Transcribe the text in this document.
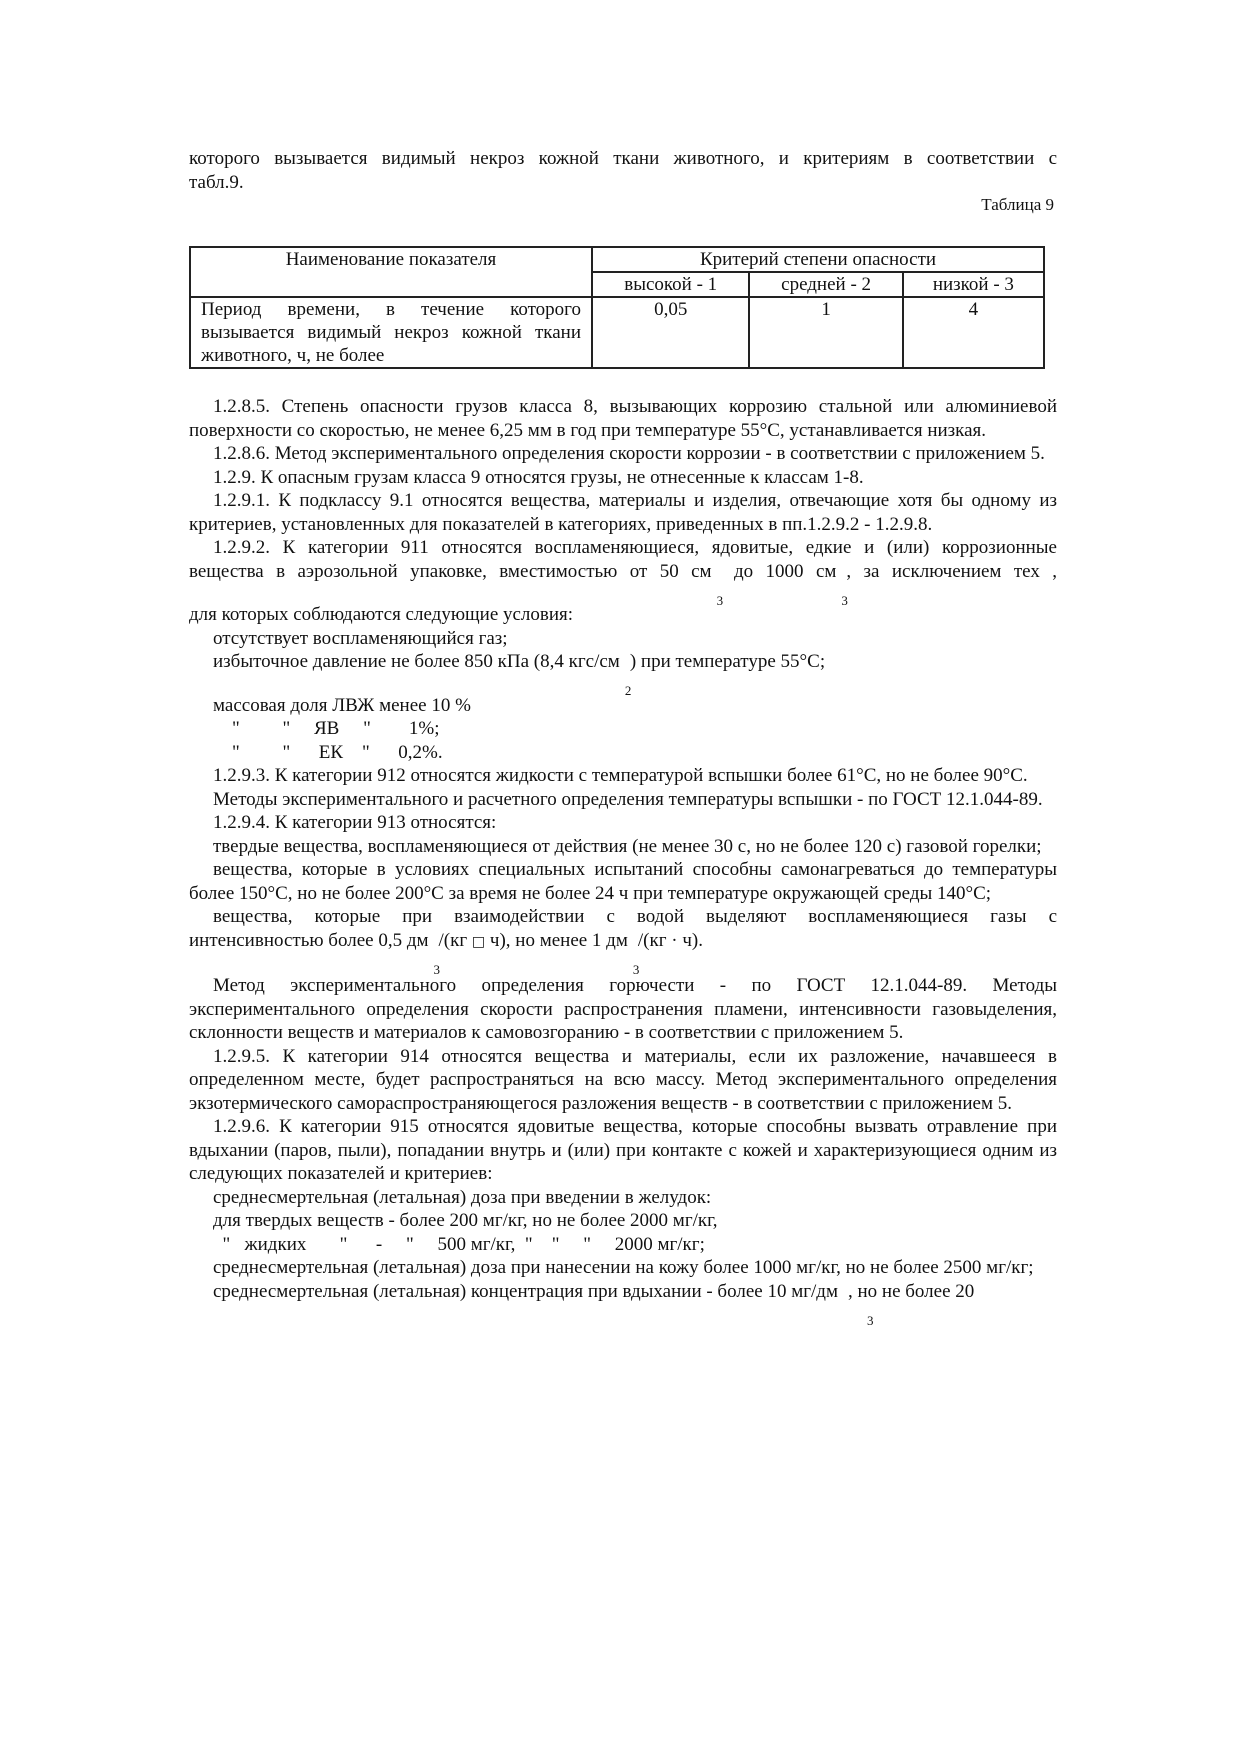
которого вызывается видимый некроз кожной ткани животного, и критериям в соответствии с

табл.9.

Таблица 9

Наименование показателя	Критерий степени опасности		
	высокой - 1	средней - 2	низкой - 3
Период времени, в течение которого вызывается видимый некроз кожной ткани животного, ч, не более	0,05	1	4

1.2.8.5. Степень опасности грузов класса 8, вызывающих коррозию стальной или алюминиевой поверхности со скоростью, не менее 6,25 мм в год при температуре 55°С, устанавливается низкая.

1.2.8.6. Метод экспериментального определения скорости коррозии - в соответствии с приложением 5.

1.2.9. К опасным грузам класса 9 относятся грузы, не отнесенные к классам 1-8.

1.2.9.1. К подклассу 9.1 относятся вещества, материалы и изделия, отвечающие хотя бы одному из критериев, установленных для показателей в категориях, приведенных в пп.1.2.9.2 - 1.2.9.8.

1.2.9.2. К категории 911 относятся воспламеняющиеся, ядовитые, едкие и (или) коррозионные

вещества в аэрозольной упаковке, вместимостью от 50 см
3
до 1000 см
3
, за исключением тех ,

для которых соблюдаются следующие условия:

отсутствует воспламеняющийся газ;

избыточное давление не более 850 кПа (8,4 кгс/см
2
) при температуре 55°С;

массовая доля ЛВЖ менее 10 %

"         "     ЯВ     "        1%;

"         "      ЕК    "      0,2%.

1.2.9.3. К категории 912 относятся жидкости с температурой вспышки более 61°С, но не более 90°С.

Методы экспериментального и расчетного определения температуры вспышки - по ГОСТ 12.1.044-89.

1.2.9.4. К категории 913 относятся:

твердые вещества, воспламеняющиеся от действия (не менее 30 с, но не более 120 с) газовой горелки;

вещества, которые в условиях специальных испытаний способны самонагреваться до температуры более 150°С, но не более 200°С за время не более 24 ч при температуре окружающей среды 140°С;

вещества, которые при взаимодействии с водой выделяют воспламеняющиеся газы с

интенсивностью более 0,5 дм
3
/(кг □ ч), но менее 1 дм
3
/(кг · ч).

Метод экспериментального определения горючести - по ГОСТ 12.1.044-89. Методы экспериментального определения скорости распространения пламени, интенсивности газовыделения, склонности веществ и материалов к самовозгоранию - в соответствии с приложением 5.

1.2.9.5. К категории 914 относятся вещества и материалы, если их разложение, начавшееся в определенном месте, будет распространяться на всю массу. Метод экспериментального определения экзотермического самораспространяющегося разложения веществ - в соответствии с приложением 5.

1.2.9.6. К категории 915 относятся ядовитые вещества, которые способны вызвать отравление при вдыхании (паров, пыли), попадании внутрь и (или) при контакте с кожей и характеризующиеся одним из следующих показателей и критериев:

среднесмертельная (летальная) доза при введении в желудок:

для твердых веществ - более 200 мг/кг, но не более 2000 мг/кг,

"   жидких       "      -     "     500 мг/кг,  "    "     "     2000 мг/кг;

среднесмертельная (летальная) доза при нанесении на кожу более 1000 мг/кг, но не более 2500 мг/кг;

среднесмертельная (летальная) концентрация при вдыхании - более 10 мг/дм
3
, но не более 20
